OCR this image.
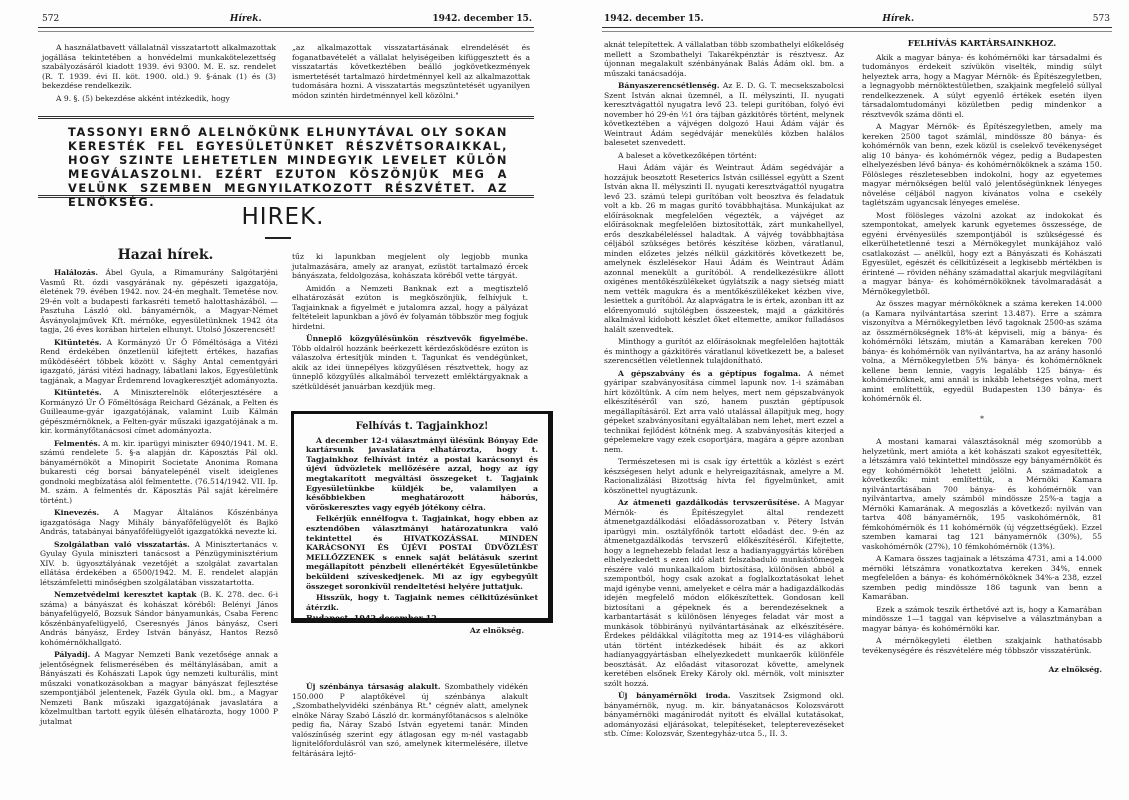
572	Hírek.	1942. december 15.

A használatbavett vállalatnál visszatartott alkalmazottak jogállása tekintetében a honvédelmi munkakötelezettség szabályozásáról kiadott 1939. évi 9300. M. E. sz. rendelet (R. T. 1939. évi II. köt. 1900. old.) 9. §-ának (1) és (3) bekezdése rendelkezik.

A 9. §. (5) bekezdése akként intézkedik, hogy

„az alkalmazottak visszatartásának elrendelését és foganatbavételét a vállalat helyiségeiben kifüggesztett és a visszatartás következtében beálló jogkövetkezmények ismertetését tartalmazó hirdetménnyel kell az alkalmazottak tudomására hozni. A visszatartás megszüntetését ugyanilyen módon szintén hirdetménnyel kell közölni."

TASSONYI ERNŐ ALELNÖKÜNK ELHUNYTÁVAL OLY SOKAN KERESTÉK FEL EGYESÜLETÜNKET RÉSZVÉTSORAIKKAL, HOGY SZINTE LEHETETLEN MINDEGYIK LEVELET KÜLÖN MEGVÁLASZOLNI. EZÉRT EZUTON KÖSZÖNJÜK MEG A VELÜNK SZEMBEN MEGNYILATKOZOTT RÉSZVÉTET. AZ ELNÖKSÉG.
HIREK.
Hazai hírek.

Halálozás. Ábel Gyula, a Rimamurány Salgótarjéni Vasmű Rt. ózdi vasgyárának ny. gépészeti igazgatója, életének 79. évében 1942. nov. 24-én meghalt. Temetése nov. 29-én volt a budapesti farkasréti temető halottasházából. — Pasztuha László okl. bányamérnök, a Magyar-Német Ásványolajművek Kft. mérnöke, egyesületünknek 1942 óta tagja, 26 éves korában hirtelen elhunyt. Utolsó Jószerencsét!

Kitüntetés. A Kormányzó Úr Ő Főméltósága a Vitézi Rend érdekében önzetlenül kifejtett értékes, hazafias működéséért többek között v. Sághy Antal cementgyári igazgató, járási vitézi hadnagy, lábatlani lakos, Egyesületünk tagjának, a Magyar Érdemrend lovagkeresztjét adományozta.

Kitüntetés. A Miniszterelnök előterjesztésére a Kormányzó Úr Ő Főméltósága Reichard Gézának, a Felten és Guilleaume-gyár igazgatójának, valamint Luib Kálmán gépészmérnöknek, a Felten-gyár műszaki igazgatójának a m. kir. kormányfőtanácsosi címet adományozta.

Felmentés. A m. kir. iparügyi miniszter 6940/1941. M. E. számú rendelete 5. §-a alapján dr. Káposztás Pál okl. bányamérnököt a Minopirit Societate Anonima Romana bukaresti cég borsai bányatelepénél viselt ideiglenes gondnoki megbízatása alól felmentette. (76.514/1942. VII. Ip. M. szám. A felmentés dr. Káposztás Pál saját kérelmére történt.)

Kinevezés. A Magyar Általános Kőszénbánya igazgatósága Nagy Mihály bányafőfelügyelőt és Bajkó András, tatabányai bányafőfelügyelőt igazgatókká nevezte ki.

Szolgálatban való visszatartás. A Minisztertanács v. Gyulay Gyula miniszteri tanácsost a Pénzügyminisztérium XIV. b. ügyosztályának vezetőjét a szolgálat zavartalan ellátása érdekében a 6500/1942. M. E. rendelet alapján létszámfeletti minőségben szolgálatában visszatartotta.

Nemzetvédelmi keresztet kaptak (B. K. 278. dec. 6-i száma) a bányászat és kohászat köréből: Belényi János bányafelügyelő, Bozsuk Sándor bányamunkás, Csaba Ferenc kőszénbányafelügyelő, Cseresnyés János bányász, Cseri András bányász, Erdey István bányász, Hantos Rezső kohómérnökhallgató.

Pályadíj. A Magyar Nemzeti Bank vezetősége annak a jelentőségnek felismerésében és méltánylásában, amit a Bányászati és Kohászati Lapok úgy nemzeti kulturális, mint műszaki vonatkozásokban a magyar bányászat fejlesztése szempontjából jelentenek, Fazék Gyula okl. bm., a Magyar Nemzeti Bank műszaki igazgatójának javaslatára a közelmultban tartott egyik ülésén elhatározta, hogy 1000 P jutalmat

tűz ki lapunkban megjelent oly legjobb munka jutalmazására, amely az aranyat, ezüstöt tartalmazó ércek bányászata, feldolgozása, kohászata köréből vette tárgyát.

Amidőn a Nemzeti Banknak ezt a megtisztelő elhatározását ezúton is megköszönjük, felhívjuk t. Tagjainknak a figyelmét e jutalomra azzal, hogy a pályázat feltételeit lapunkban a jövő év folyamán többször meg fogjuk hirdetni.

Ünneplő közgyűlésünkön résztvevők figyelmébe. Több oldalról hozzánk beérkezett kérdezősködésre ezúton is válaszolva értesítjük minden t. Tagunkat és vendégünket, akik az idei ünnepélyes közgyűlésen résztvettek, hogy az ünneplő közgyűlés alkalmából tervezett emléktárgyaknak a szétküldését januárban kezdjük meg.

Felhívás t. Tagjainkhoz!

A december 12-i választmányi ülésünk Bónyay Ede kartársunk javaslatára elhatározta, hogy t. Tagjainkhoz felhívást intéz a postai karácsonyi és újévi üdvözletek mellőzésére azzal, hogy az így megtakarított megváltási összegeket t. Tagjaink Egyesületünkbe küldjék be, valamilyen a későbbiekben meghatározott háborús, vöröskeresztes vagy egyéb jótékony célra.

Felkérjük ennélfogva t. Tagjainkat, hogy ebben az esztendőben választmányi határozatunkra való tekintettel és HIVATKOZÁSSAL MINDEN KARÁCSONYI ÉS ÚJÉVI POSTAI ÜDVÖZLÉST MELLŐZZENEK s ennek saját belátásuk szerint megállapított pénzbeli ellenértékét Egyesületünkbe beküldeni szíveskedjenek. Mi az így egybegyűlt összeget soronkívül rendeltetési helyére juttatjuk.

Hisszük, hogy t. Tagjaink nemes célkitűzésünket átérzik.

Budapest, 1942 december 12.

Az elnökség.

Új szénbánya társaság alakult. Szombathely vidékén 150.000 P alaptőkével új szénbánya alakult „Szombathelyvidéki szénbánya Rt." cégnév alatt, amelynek elnöke Náray Szabó László dr. kormányfőtanácsos s alelnöke pedig fia, Náray Szabó István egyetemi tanár. Minden valószínűség szerint egy átlagosan egy m-nél vastagabb lignitelőfordulásról van szó, amelynek kitermelésére, illetve feltárására lejtő-

1942. december 15.	Hírek.	573

aknát telepítettek. A vállalatban több szombathelyi előkelőség mellett a Szombathelyi Takarékpénztár is résztvesz. Az újonnan megalakult szénbányának Balás Ádám okl. bm. a műszaki tanácsadója.

Bányaszerencsétlenség. Az E. D. G. T. mecsekszabolcsi Szent István aknai üzemnél, a II. mélyszinti, II. nyugati keresztvágattól nyugatra levő 23. telepi gurítóban, folyó évi november hó 29-én ½1 óra tájban gázkitörés történt, melynek következtében a vájvégen dolgozó Haui Ádám vájár és Weintraut Ádám segédvájár menekülés közben halálos balesetet szenvedett.

A baleset a következőképen történt:

Haui Ádám vájár és Weintraut Ádám segédvájár a hozzájuk beosztott Reseterics István csilléssel együtt a Szent István akna II. mélyszinti II. nyugati keresztvágattól nyugatra levő 23. számú telepi gurítóban volt beosztva és feladatuk volt a kb. 26 m magas gurító továbbhajtása. Munkájukat az előírásoknak megfelelően végezték, a vájvéget az előírásoknak megfelelően biztosították, zárt munkahellyel, erős deszkabéleléssel haladtak. A vájvég továbbhajtása céljából szükséges betörés készítése közben, váratlanul, minden előzetes jelzés nélkül gázkitörés következett be, amelynek észlelésekor Haui Ádám és Weintraut Ádám azonnal menekült a gurítóból. A rendelkezésükre állott oxigénes mentőkészülékeket úgylátszik a nagy sietség miatt nem vették magukra és a mentőkészülékeket kézben vive, lesiettek a gurítóból. Az alapvágatra le is értek, azonban itt az előrenyomuló sujtólégben összeestek, majd a gázkitörés alkalmával kidobott készlet őket eltemette, amikor fulladásos halált szenvedtek.

Minthogy a gurítót az előírásoknak megfelelően hajtották és minthogy a gázkitörés váratlanul következett be, a baleset szerencsétlen véletlennek tulajdonítható.

A gépszabvány és a géptípus fogalma. A német gyáripar szabványosítása címmel lapunk nov. 1-i számában hírt közöltünk. A cím nem helyes, mert nem gépszabványok elkészítéséről van szó, hanem pusztán géptípusok megállapításáról. Ezt arra való utalással állapítjuk meg, hogy gépeket szabványosítani egyáltalában nem lehet, mert ezzel a technikai fejlődést kötnénk meg. A szabványosítás kiterjed a gépelemekre vagy ezek csoportjára, magára a gépre azonban nem.

Természetesen mi is csak így értettük a közlést s ezért készségesen helyt adunk e helyreigazításnak, amelyre a M. Racionalizálási Bizottság hívta fel figyelmünket, amit köszönettel nyugtázunk.

Az átmeneti gazdálkodás tervszerűsítése. A Magyar Mérnök- és Építészegylet által rendezett átmenetgazdálkodási előadássorozatban v. Pétery István iparügyi min. osztályfőnök tartott előadást dec. 9-én az átmenetgazdálkodás tervszerű előkészítéséről. Kifejtette, hogy a legnehezebb feladat lesz a hadianyaggyártás körében elhelyezkedett s ezen idő alatt felszabaduló munkástömegek részére való munkaalkalom biztosítása, különösen abból a szempontból, hogy csak azokat a foglalkoztatásokat lehet majd igénybe venni, amelyeket e célra már a hadigazdálkodás idején megfelelő módon előkészítettek. Gondosan kell biztosítani a gépeknek és a berendezéseknek a karbantartását s különösen lényeges feladat vár most a munkások többirányú nyilvántartásának az elkészítésére. Érdekes példákkal világította meg az 1914-es világháború után történt intézkedések hibáit és az akkori hadianyaggyártásban elhelyezkedett munkaerők különféle beosztását. Az előadást vitasorozat követte, amelynek keretében elsőnek Ereky Károly okl. mérnök, volt miniszter szólt hozzá.

Új bányamérnöki iroda. Vaszitsek Zsigmond okl. bányamérnök, nyug. m. kir. bányatanácsos Kolozsvárott bányamérnöki magánirodát nyitott és elvállal kutatásokat, adományozási eljárásokat, telepítéseket, telepterevezéseket stb. Címe: Kolozsvár, Szentegyház-utca 5., II. 3.

FELHÍVÁS KARTÁRSAINKHOZ.

Akik a magyar bánya- és kohómérnöki kar társadalmi és tudományos érdekeit szívükön viselték, mindig súlyt helyeztek arra, hogy a Magyar Mérnök- és Építészegyletben, a legnagyobb mérnöktestületben, szakjaink megfelelő súllyal rendelkezzenek. A súlyt egyenlő értékek esetén ilyen társadalomtudományi közületben pedig mindenkor a résztvevők száma dönti el.

A Magyar Mérnök- és Építészegyletben, amely ma kereken 2500 tagot számlál, mindössze 80 bánya- és kohómérnök van benn, ezek közül is cselekvő tevékenységet alig 10 bánya- és kohómérnök végez, pedig a Budapesten elhelyezésben lévő bánya- és kohómérnököknek a száma 150. Fölösleges részletesebben indokolni, hogy az egyetemes magyar mérnökségen belül való jelentőségünknek lényeges növelése céljából nagyon kívánatos volna e csekély taglétszám ugyancsak lényeges emelése.

Most fölösleges vázolni azokat az indokokat és szempontokat, amelyek karunk egyetemes összessége, de egyéni érvényesülés szempontjából is szükségessé és elkerülhetetlenné teszi a Mérnökegylet munkájához való csatlakozást — anélkül, hogy ezt a Bányászati és Kohászati Egyesület, egészét és célkitűzéseit a legkisebb mértékben is érintené — röviden néhány számadattal akarjuk megvilágítani a magyar bánya- és kohómérnököknek távolmaradását a Mérnökegyletből.

Az összes magyar mérnököknek a száma kereken 14.000 (a Kamara nyilvántartása szerint 13.487). Erre a számra viszonyítva a Mérnökegyletben lévő tagoknak 2500-as száma az összmérnökségnek 18%-át képviseli, míg a bánya- és kohómérnöki létszám, miután a Kamarában kereken 700 bánya- és kohómérnök van nyilvántartva, ha az arány hasonló volna, a Mérnökegyletben 5% bánya- és kohómérnöknek kellene benn lennie, vagyis legalább 125 bánya- és kohómérnöknek, ami annál is inkább lehetséges volna, mert amint említettük, egyedül Budapesten 130 bánya- és kohómérnök él.

*

A mostani kamarai választásoknál még szomorúbb a helyzetünk, mert amióta a két kohászati szakot egyesítették, a létszámra való tekintettel mindössze egy bányamérnököt és egy kohómérnököt lehetett jelölni. A számadatok a következők: mint említettük, a Mérnöki Kamara nyilvántartásában 700 bánya- és kohómérnök van nyilvántartva, amely számból mindössze 25%-a tagja a Mérnöki Kamarának. A megoszlás a következő: nyilván van tartva 408 bányamérnök, 195 vaskohómérnök, 81 fémkohómérnök és 11 kohómérnök (új végzettségűek). Ezzel szemben kamarai tag 121 bányamérnök (30%), 55 vaskohómérnök (27%), 10 fémkohómérnök (13%).

A Kamara összes tagjainak a létszáma 4731, ami a 14.000 mérnöki létszámra vonatkoztatva kereken 34%, ennek megfelelően a bánya- és kohómérnököknek 34%-a 238, ezzel szemben pedig mindössze 186 tagunk van benn a Kamarában.

Ezek a számok teszik érthetővé azt is, hogy a Kamarában mindössze 1—1 taggal van képviselve a választmányban a magyar bánya- és kohómérnöki kar.

A mérnökegyleti életben szakjaink hathatósabb tevékenységére és részvételére még többször visszatérünk.

Az elnökség.
